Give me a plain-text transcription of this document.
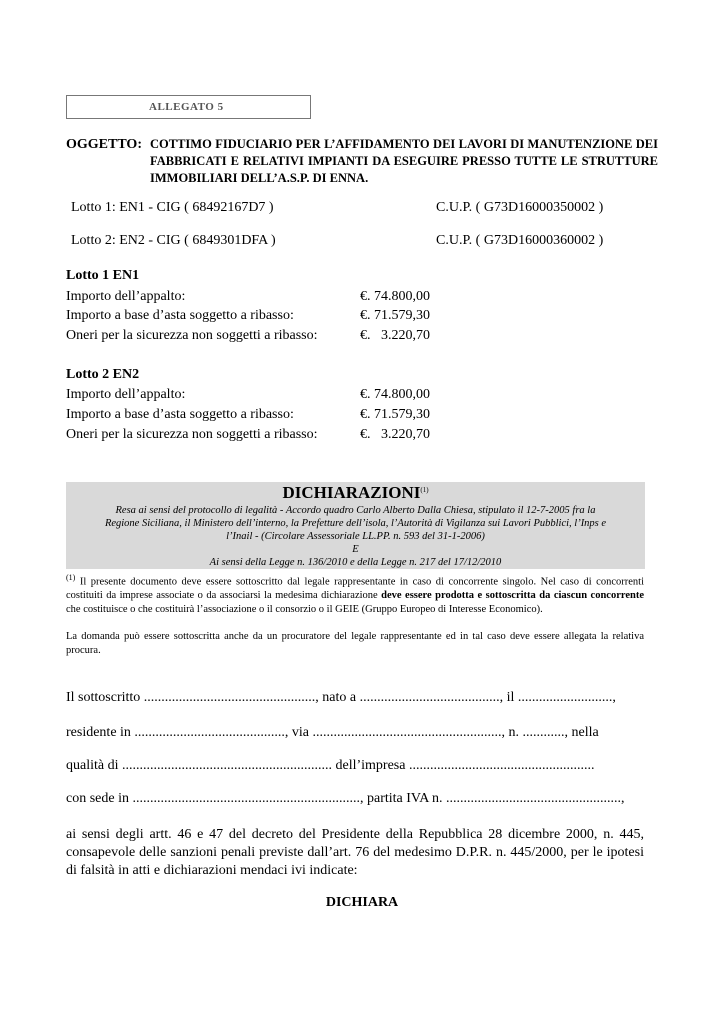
ALLEGATO 5
OGGETTO: COTTIMO FIDUCIARIO PER L’AFFIDAMENTO DEI LAVORI DI MANUTENZIONE DEI FABBRICATI E RELATIVI IMPIANTI DA ESEGUIRE PRESSO TUTTE LE STRUTTURE IMMOBILIARI DELL’A.S.P. DI ENNA.
Lotto 1: EN1 - CIG ( 68492167D7 )	C.U.P. ( G73D16000350002 )
Lotto 2: EN2 - CIG ( 6849301DFA )	C.U.P. ( G73D16000360002 )
Lotto 1 EN1
Importo dell’appalto:	€. 74.800,00
Importo a base d’asta soggetto a ribasso:	€. 71.579,30
Oneri per la sicurezza non soggetti a ribasso:	€.   3.220,70
Lotto 2 EN2
Importo dell’appalto:	€. 74.800,00
Importo a base d’asta soggetto a ribasso:	€. 71.579,30
Oneri per la sicurezza non soggetti a ribasso:	€.   3.220,70
DICHIARAZIONI$^{(1)}$
Resa ai sensi del protocollo di legalità - Accordo quadro Carlo Alberto Dalla Chiesa, stipulato il 12-7-2005 fra la
Regione Siciliana, il Ministero dell’interno, la Prefetture dell’isola, l’Autorità di Vigilanza sui Lavori Pubblici, l’Inps e
l’Inail - (Circolare Assessoriale LL.PP. n. 593 del 31-1-2006)
E
Ai sensi della Legge n. 136/2010 e della Legge n. 217 del 17/12/2010
$^{(1)}$ Il presente documento deve essere sottoscritto dal legale rappresentante in caso di concorrente singolo. Nel caso di concorrenti costituiti da imprese associate o da associarsi la medesima dichiarazione deve essere prodotta e sottoscritta da ciascun concorrente che costituisce o che costituirà l’associazione o il consorzio o il GEIE (Gruppo Europeo di Interesse Economico).
La domanda può essere sottoscritta anche da un procuratore del legale rappresentante ed in tal caso deve essere allegata la relativa procura.
Il sottoscritto ................................................., nato a ........................................, il ...........................,
residente in ..........................................., via ......................................................, n. ............, nella
qualità di ............................................................ dell’impresa .....................................................
con sede in ................................................................., partita IVA n. ..................................................,
ai sensi degli artt. 46 e 47 del decreto del Presidente della Repubblica 28 dicembre 2000, n. 445, consapevole delle sanzioni penali previste dall’art. 76 del medesimo D.P.R. n. 445/2000, per le ipotesi di falsità in atti e dichiarazioni mendaci ivi indicate:
DICHIARA
